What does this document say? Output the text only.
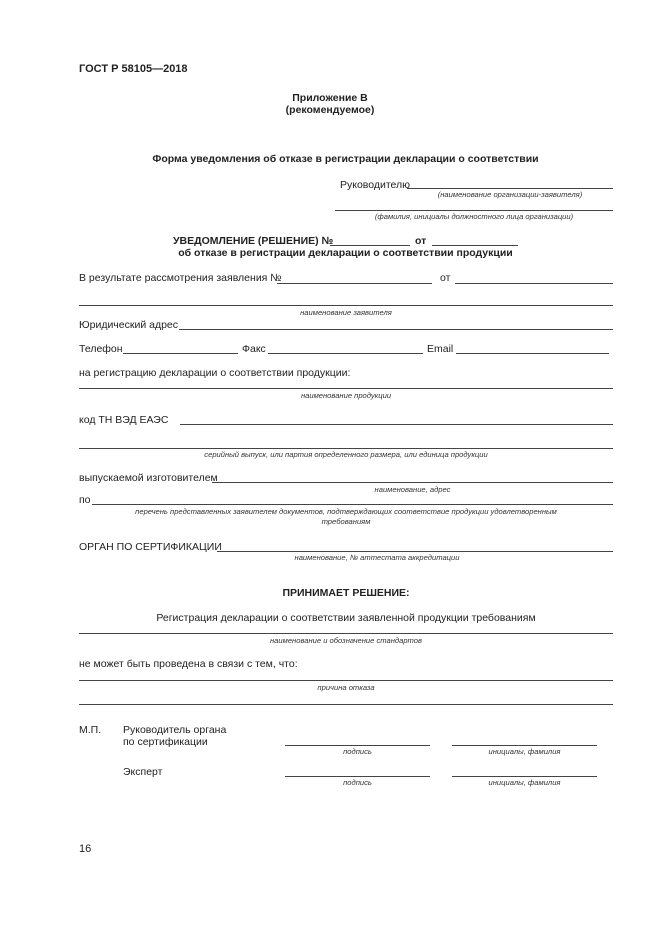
ГОСТ Р 58105—2018
Приложение В
(рекомендуемое)
Форма уведомления об отказе в регистрации декларации о соответствии
Руководителю
(наименование организации-заявителя)
(фамилия, инициалы должностного лица организации)
УВЕДОМЛЕНИЕ (РЕШЕНИЕ) №	от
об отказе в регистрации декларации о соответствии продукции
В результате рассмотрения заявления №	от
наименование заявителя
Юридический адрес
Телефон	Факс	Email
на регистрацию декларации о соответствии продукции:
наименование продукции
код ТН ВЭД ЕАЭС
серийный выпуск, или партия определенного размера, или единица продукции
выпускаемой изготовителем
наименование, адрес
по
перечень представленных заявителем документов, подтверждающих соответствие продукции удовлетворенным
требованиям
ОРГАН ПО СЕРТИФИКАЦИИ
наименование, № аттестата аккредитации
ПРИНИМАЕТ РЕШЕНИЕ:
Регистрация декларации о соответствии заявленной продукции требованиям
наименование и обозначение стандартов
не может быть проведена в связи с тем, что:
причина отказа
М.П. Руководитель органа
по сертификации
подпись	инициалы, фамилия
Эксперт
подпись	инициалы, фамилия
16
